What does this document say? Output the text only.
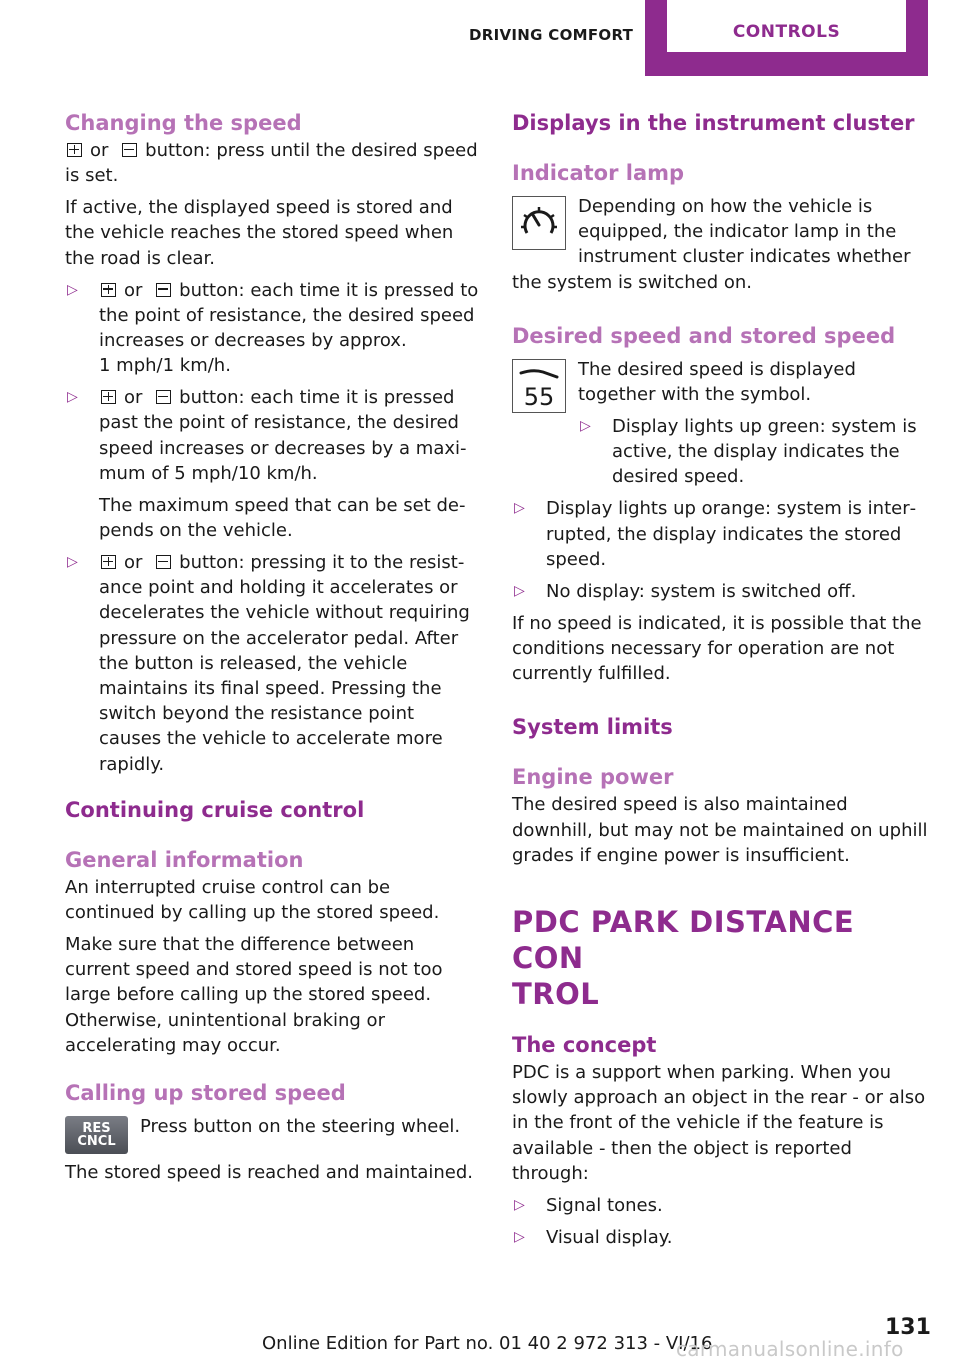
DRIVING COMFORT	CONTROLS
Changing the speed

or button: press until the desired speed is set.

If active, the displayed speed is stored and the vehicle reaches the stored speed when the road is clear.

▷	or button: each time it is pressed to the point of resistance, the desired speed increases or decreases by approx.
1 mph/1 km/h.
▷	or button: each time it is pressed past the point of resistance, the desired speed increases or decreases by a maximum of 5 mph/10 km/h.

The maximum speed that can be set depends on the vehicle.

▷	or button: pressing it to the resistance point and holding it accelerates or decelerates the vehicle without requiring pressure on the accelerator pedal. After the button is released, the vehicle maintains its final speed. Pressing the switch beyond the resistance point causes the vehicle to accelerate more rapidly.
Continuing cruise control
General information

An interrupted cruise control can be continued by calling up the stored speed.

Make sure that the difference between current speed and stored speed is not too large before calling up the stored speed. Otherwise, unintentional braking or accelerating may occur.

Calling up stored speed
RES
CNCL

Press button on the steering wheel.

The stored speed is reached and maintained.

Displays in the instrument cluster
Indicator lamp

Depending on how the vehicle is equipped, the indicator lamp in the instrument cluster indicates whether the system is switched on.

Desired speed and stored speed
55

The desired speed is displayed together with the symbol.

▷ Display lights up green: system is active, the display indicates the desired speed.
▷ Display lights up orange: system is interrupted, the display indicates the stored speed.
▷ No display: system is switched off.

If no speed is indicated, it is possible that the conditions necessary for operation are not currently fulfilled.

System limits
Engine power

The desired speed is also maintained downhill, but may not be maintained on uphill grades if engine power is insufficient.

PDC PARK DISTANCE CON
TROL
The concept

PDC is a support when parking. When you slowly approach an object in the rear - or also in the front of the vehicle if the feature is available - then the object is reported through:

▷ Signal tones.
▷ Visual display.
Online Edition for Part no. 01 40 2 972 313 - VI/16
131
carmanualsonline.info
